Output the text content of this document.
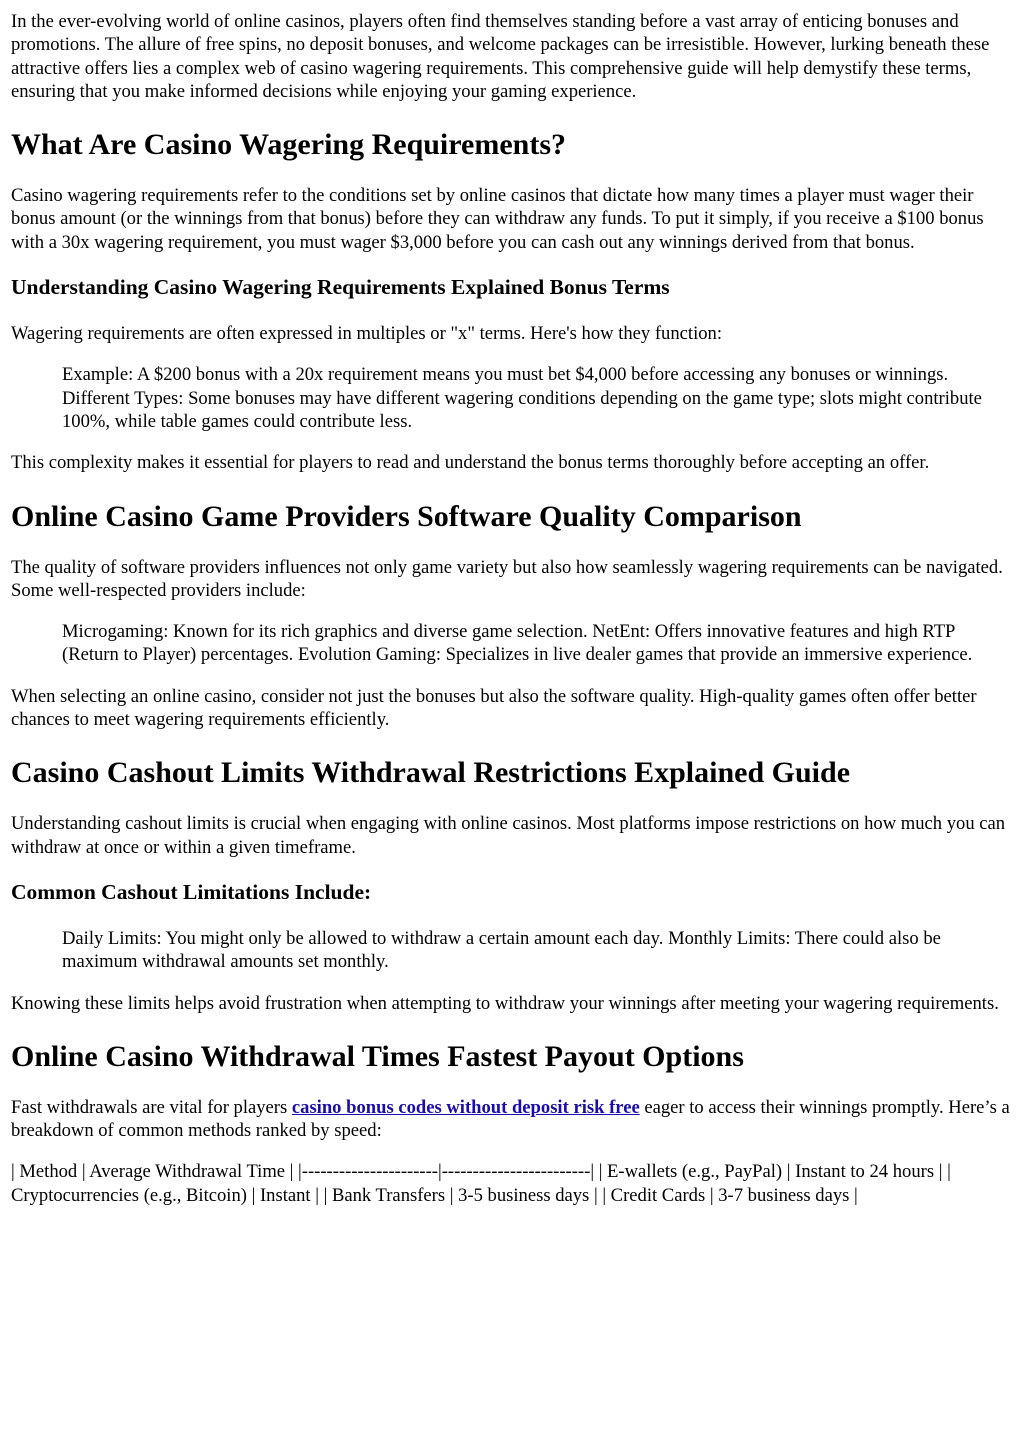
In the ever-evolving world of online casinos, players often find themselves standing before a vast array of enticing bonuses and promotions. The allure of free spins, no deposit bonuses, and welcome packages can be irresistible. However, lurking beneath these attractive offers lies a complex web of casino wagering requirements. This comprehensive guide will help demystify these terms, ensuring that you make informed decisions while enjoying your gaming experience.

What Are Casino Wagering Requirements?

Casino wagering requirements refer to the conditions set by online casinos that dictate how many times a player must wager their bonus amount (or the winnings from that bonus) before they can withdraw any funds. To put it simply, if you receive a $100 bonus with a 30x wagering requirement, you must wager $3,000 before you can cash out any winnings derived from that bonus.

Understanding Casino Wagering Requirements Explained Bonus Terms

Wagering requirements are often expressed in multiples or "x" terms. Here's how they function:

Example: A $200 bonus with a 20x requirement means you must bet $4,000 before accessing any bonuses or winnings. Different Types: Some bonuses may have different wagering conditions depending on the game type; slots might contribute 100%, while table games could contribute less.

This complexity makes it essential for players to read and understand the bonus terms thoroughly before accepting an offer.

Online Casino Game Providers Software Quality Comparison

The quality of software providers influences not only game variety but also how seamlessly wagering requirements can be navigated. Some well-respected providers include:

Microgaming: Known for its rich graphics and diverse game selection. NetEnt: Offers innovative features and high RTP (Return to Player) percentages. Evolution Gaming: Specializes in live dealer games that provide an immersive experience.

When selecting an online casino, consider not just the bonuses but also the software quality. High-quality games often offer better chances to meet wagering requirements efficiently.

Casino Cashout Limits Withdrawal Restrictions Explained Guide

Understanding cashout limits is crucial when engaging with online casinos. Most platforms impose restrictions on how much you can withdraw at once or within a given timeframe.

Common Cashout Limitations Include:
Daily Limits: You might only be allowed to withdraw a certain amount each day. Monthly Limits: There could also be maximum withdrawal amounts set monthly.

Knowing these limits helps avoid frustration when attempting to withdraw your winnings after meeting your wagering requirements.

Online Casino Withdrawal Times Fastest Payout Options

Fast withdrawals are vital for players casino bonus codes without deposit risk free eager to access their winnings promptly. Here’s a breakdown of common methods ranked by speed:

| Method | Average Withdrawal Time | |----------------------|------------------------| | E-wallets (e.g., PayPal) | Instant to 24 hours | | Cryptocurrencies (e.g., Bitcoin) | Instant | | Bank Transfers | 3-5 business days | | Credit Cards | 3-7 business days |
